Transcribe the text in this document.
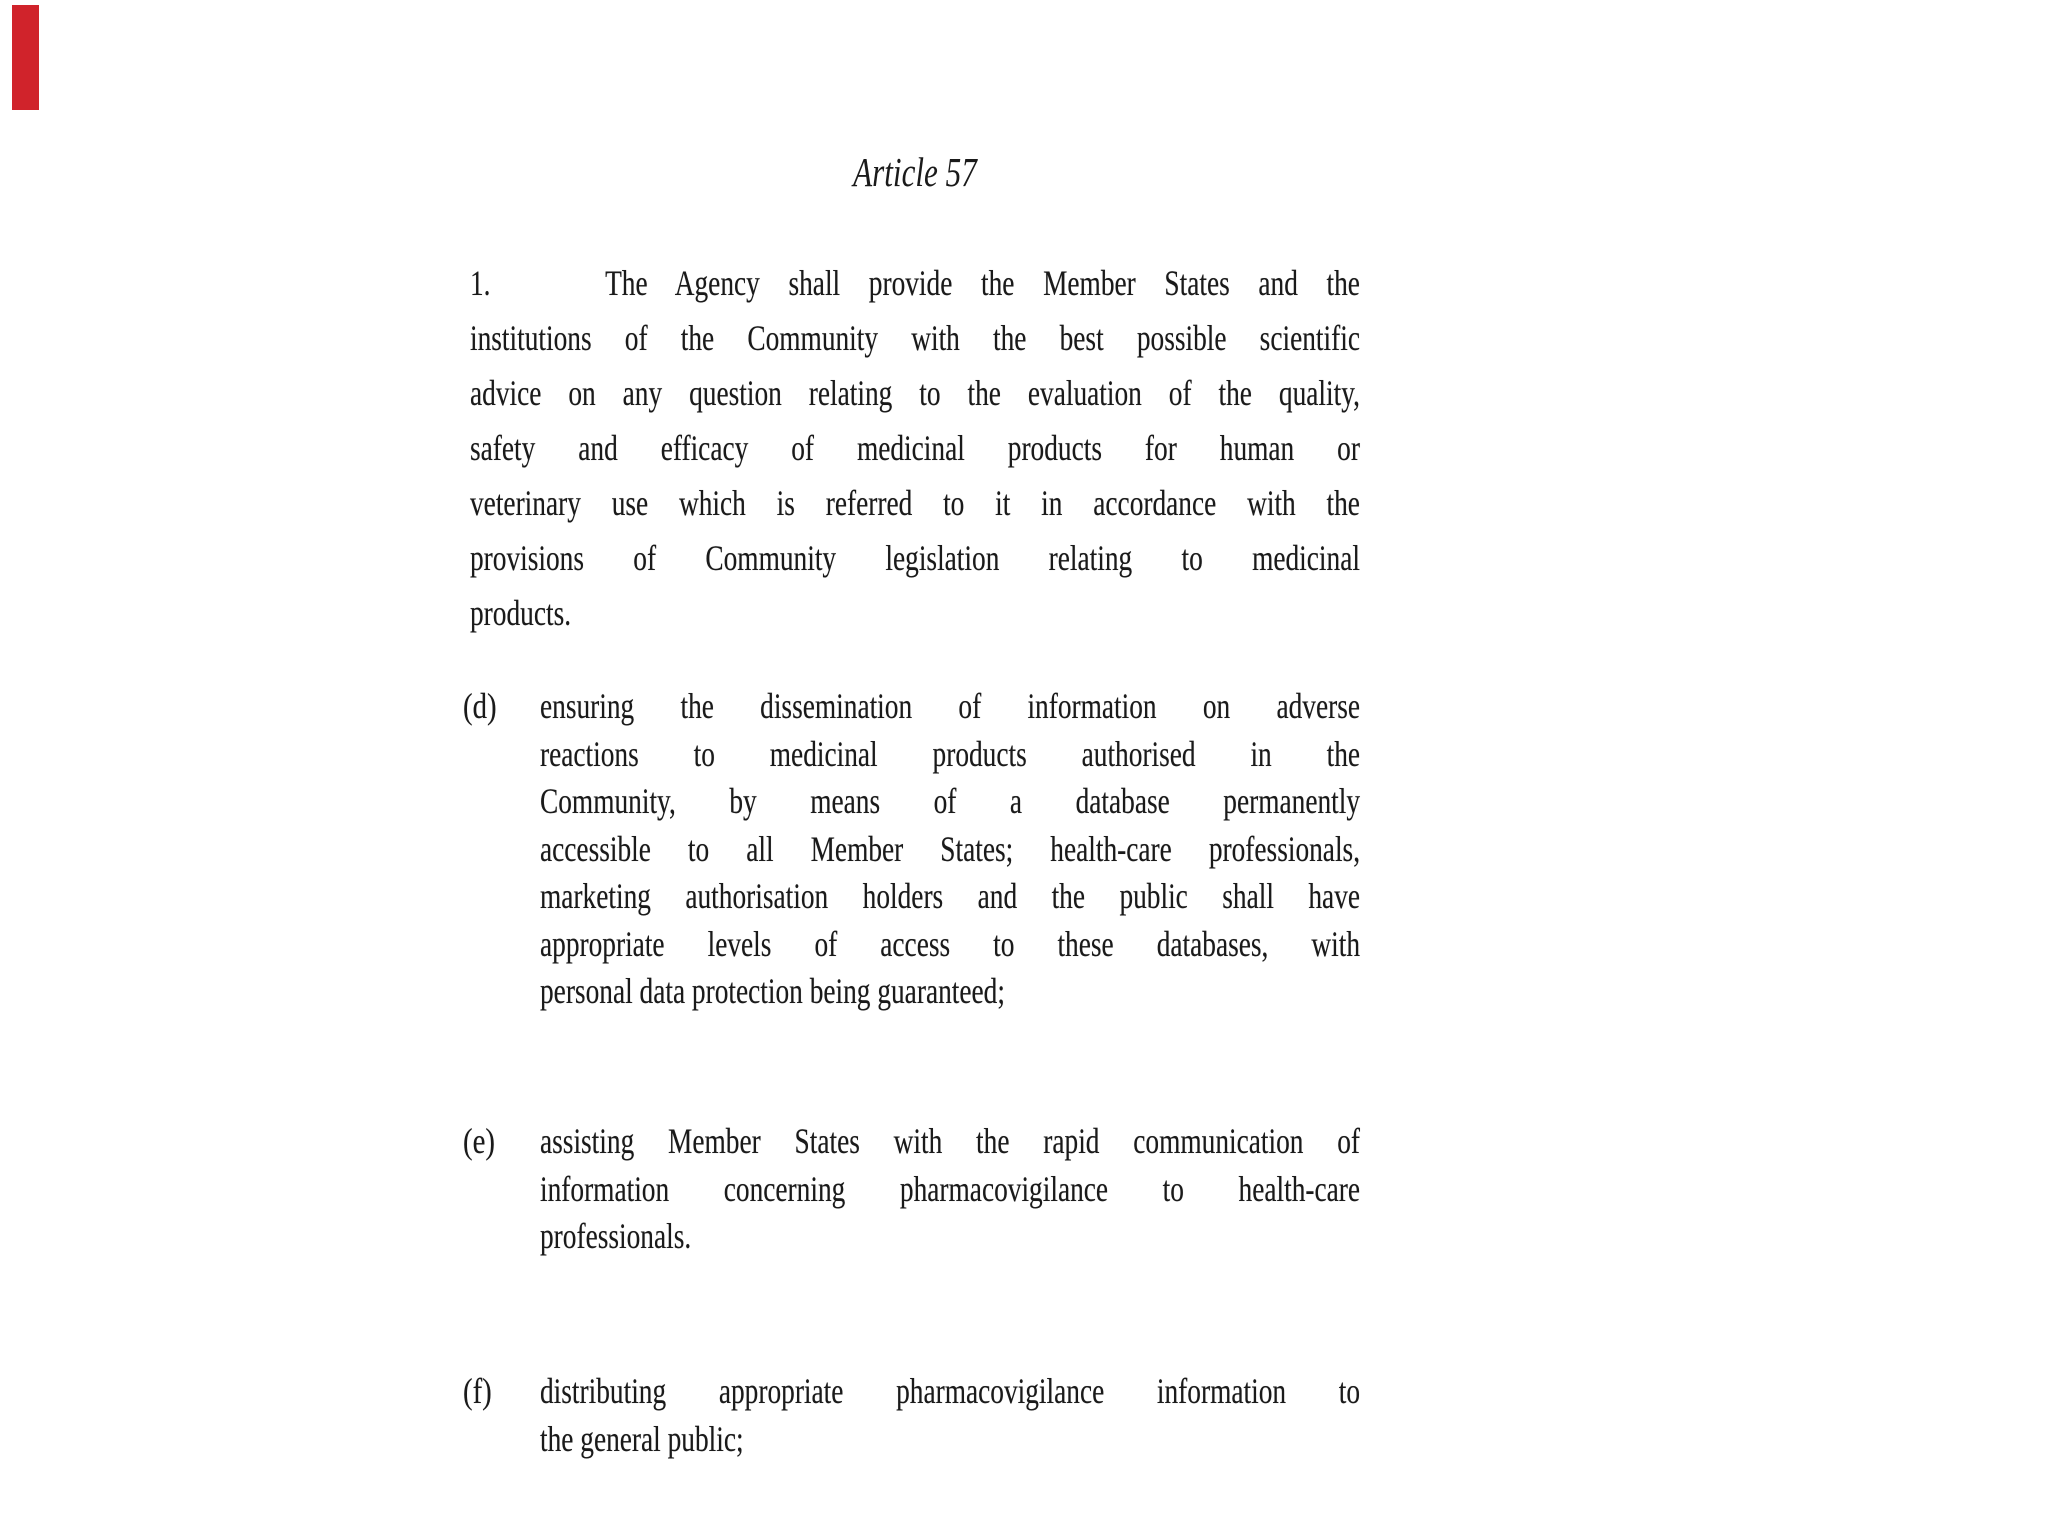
Article 57
1.    The Agency shall provide the Member States and the
institutions of the Community with the best possible scientific
advice on any question relating to the evaluation of the quality,
safety and efficacy of medicinal products for human or
veterinary use which is referred to it in accordance with the
provisions of Community legislation relating to medicinal
products.
(d) ensuring the dissemination of information on adverse
reactions to medicinal products authorised in the
Community, by means of a database permanently
accessible to all Member States; health-care professionals,
marketing authorisation holders and the public shall have
appropriate levels of access to these databases, with
personal data protection being guaranteed;
(e) assisting Member States with the rapid communication of
information concerning pharmacovigilance to health-care
professionals.
(f) distributing appropriate pharmacovigilance information to
the general public;
